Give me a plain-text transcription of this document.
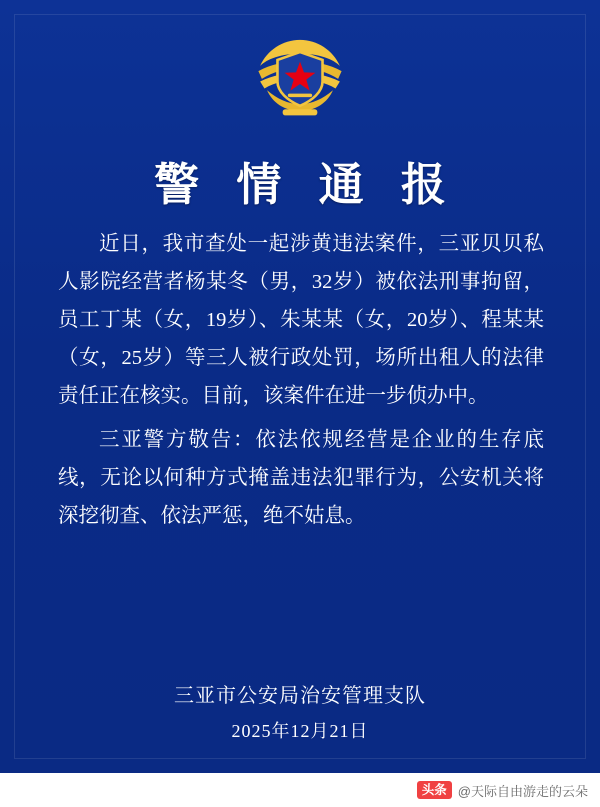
警 情 通 报

近日，我市查处一起涉黄违法案件，三亚贝贝私人影院经营者杨某冬（男，32岁）被依法刑事拘留，员工丁某（女，19岁）、朱某某（女，20岁）、程某某（女，25岁）等三人被行政处罚，场所出租人的法律责任正在核实。目前，该案件在进一步侦办中。

三亚警方敬告：依法依规经营是企业的生存底线，无论以何种方式掩盖违法犯罪行为，公安机关将深挖彻查、依法严惩，绝不姑息。

三亚市公安局治安管理支队
2025年12月21日
头条 @天际自由游走的云朵
